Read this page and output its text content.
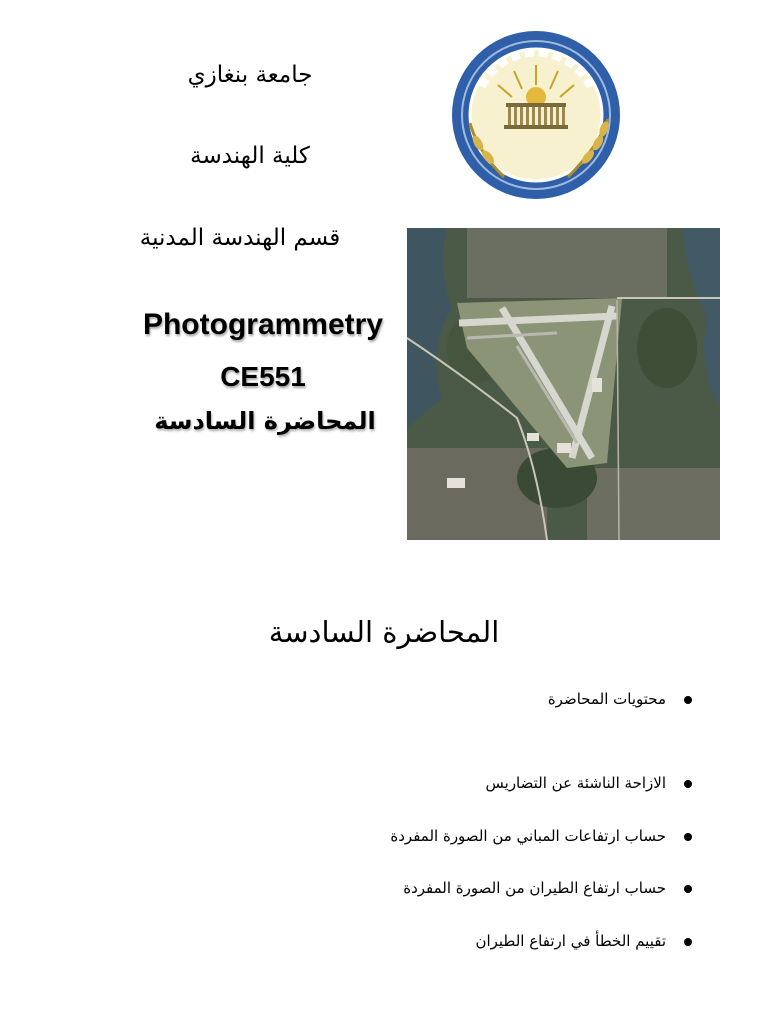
جامعة بنغازي
كلية الهندسة
قسم الهندسة المدنية
Photogrammetry
CE551
المحاضرة السادسة
المحاضرة السادسة
محتويات المحاضرة
الازاحة الناشئة عن التضاريس
حساب ارتفاعات المباني من الصورة المفردة
حساب ارتفاع الطيران من الصورة المفردة
تقييم الخطأ في ارتفاع الطيران
